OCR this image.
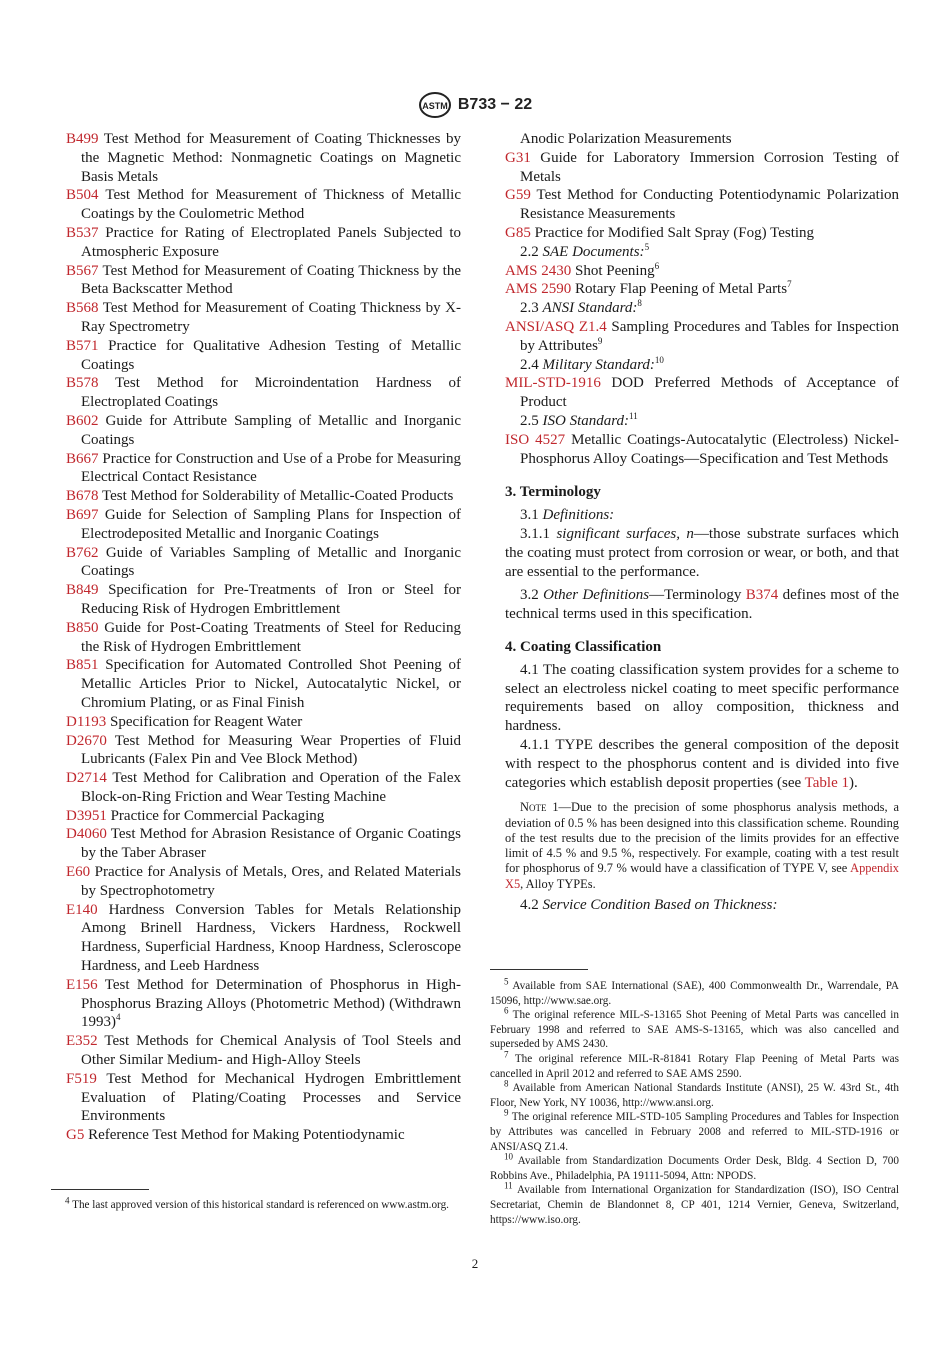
ASTM B733 − 22
B499 Test Method for Measurement of Coating Thicknesses by the Magnetic Method: Nonmagnetic Coatings on Magnetic Basis Metals
B504 Test Method for Measurement of Thickness of Metallic Coatings by the Coulometric Method
B537 Practice for Rating of Electroplated Panels Subjected to Atmospheric Exposure
B567 Test Method for Measurement of Coating Thickness by the Beta Backscatter Method
B568 Test Method for Measurement of Coating Thickness by X-Ray Spectrometry
B571 Practice for Qualitative Adhesion Testing of Metallic Coatings
B578 Test Method for Microindentation Hardness of Electroplated Coatings
B602 Guide for Attribute Sampling of Metallic and Inorganic Coatings
B667 Practice for Construction and Use of a Probe for Measuring Electrical Contact Resistance
B678 Test Method for Solderability of Metallic-Coated Products
B697 Guide for Selection of Sampling Plans for Inspection of Electrodeposited Metallic and Inorganic Coatings
B762 Guide of Variables Sampling of Metallic and Inorganic Coatings
B849 Specification for Pre-Treatments of Iron or Steel for Reducing Risk of Hydrogen Embrittlement
B850 Guide for Post-Coating Treatments of Steel for Reducing the Risk of Hydrogen Embrittlement
B851 Specification for Automated Controlled Shot Peening of Metallic Articles Prior to Nickel, Autocatalytic Nickel, or Chromium Plating, or as Final Finish
D1193 Specification for Reagent Water
D2670 Test Method for Measuring Wear Properties of Fluid Lubricants (Falex Pin and Vee Block Method)
D2714 Test Method for Calibration and Operation of the Falex Block-on-Ring Friction and Wear Testing Machine
D3951 Practice for Commercial Packaging
D4060 Test Method for Abrasion Resistance of Organic Coatings by the Taber Abraser
E60 Practice for Analysis of Metals, Ores, and Related Materials by Spectrophotometry
E140 Hardness Conversion Tables for Metals Relationship Among Brinell Hardness, Vickers Hardness, Rockwell Hardness, Superficial Hardness, Knoop Hardness, Scleroscope Hardness, and Leeb Hardness
E156 Test Method for Determination of Phosphorus in High-Phosphorus Brazing Alloys (Photometric Method) (Withdrawn 1993)$^4$
E352 Test Methods for Chemical Analysis of Tool Steels and Other Similar Medium- and High-Alloy Steels
F519 Test Method for Mechanical Hydrogen Embrittlement Evaluation of Plating/Coating Processes and Service Environments
G5 Reference Test Method for Making Potentiodynamic
Anodic Polarization Measurements
G31 Guide for Laboratory Immersion Corrosion Testing of Metals
G59 Test Method for Conducting Potentiodynamic Polarization Resistance Measurements
G85 Practice for Modified Salt Spray (Fog) Testing
2.2 SAE Documents:$^5$
AMS 2430 Shot Peening$^6$
AMS 2590 Rotary Flap Peening of Metal Parts$^7$
2.3 ANSI Standard:$^8$
ANSI/ASQ Z1.4 Sampling Procedures and Tables for Inspection by Attributes$^9$
2.4 Military Standard:$^{10}$
MIL-STD-1916 DOD Preferred Methods of Acceptance of Product
2.5 ISO Standard:$^{11}$
ISO 4527 Metallic Coatings-Autocatalytic (Electroless) Nickel-Phosphorus Alloy Coatings—Specification and Test Methods
3. Terminology
3.1 Definitions:
3.1.1 significant surfaces, n—those substrate surfaces which the coating must protect from corrosion or wear, or both, and that are essential to the performance.
3.2 Other Definitions—Terminology B374 defines most of the technical terms used in this specification.
4. Coating Classification
4.1 The coating classification system provides for a scheme to select an electroless nickel coating to meet specific performance requirements based on alloy composition, thickness and hardness.
4.1.1 TYPE describes the general composition of the deposit with respect to the phosphorus content and is divided into five categories which establish deposit properties (see Table 1).
Note 1—Due to the precision of some phosphorus analysis methods, a deviation of 0.5 % has been designed into this classification scheme. Rounding of the test results due to the precision of the limits provides for an effective limit of 4.5 % and 9.5 %, respectively. For example, coating with a test result for phosphorus of 9.7 % would have a classification of TYPE V, see Appendix X5, Alloy TYPEs.
4.2 Service Condition Based on Thickness:
$^4$ The last approved version of this historical standard is referenced on www.astm.org.
$^5$ Available from SAE International (SAE), 400 Commonwealth Dr., Warrendale, PA 15096, http://www.sae.org.
$^6$ The original reference MIL-S-13165 Shot Peening of Metal Parts was cancelled in February 1998 and referred to SAE AMS-S-13165, which was also cancelled and superseded by AMS 2430.
$^7$ The original reference MIL-R-81841 Rotary Flap Peening of Metal Parts was cancelled in April 2012 and referred to SAE AMS 2590.
$^8$ Available from American National Standards Institute (ANSI), 25 W. 43rd St., 4th Floor, New York, NY 10036, http://www.ansi.org.
$^9$ The original reference MIL-STD-105 Sampling Procedures and Tables for Inspection by Attributes was cancelled in February 2008 and referred to MIL-STD-1916 or ANSI/ASQ Z1.4.
$^{10}$ Available from Standardization Documents Order Desk, Bldg. 4 Section D, 700 Robbins Ave., Philadelphia, PA 19111-5094, Attn: NPODS.
$^{11}$ Available from International Organization for Standardization (ISO), ISO Central Secretariat, Chemin de Blandonnet 8, CP 401, 1214 Vernier, Geneva, Switzerland, https://www.iso.org.
2
